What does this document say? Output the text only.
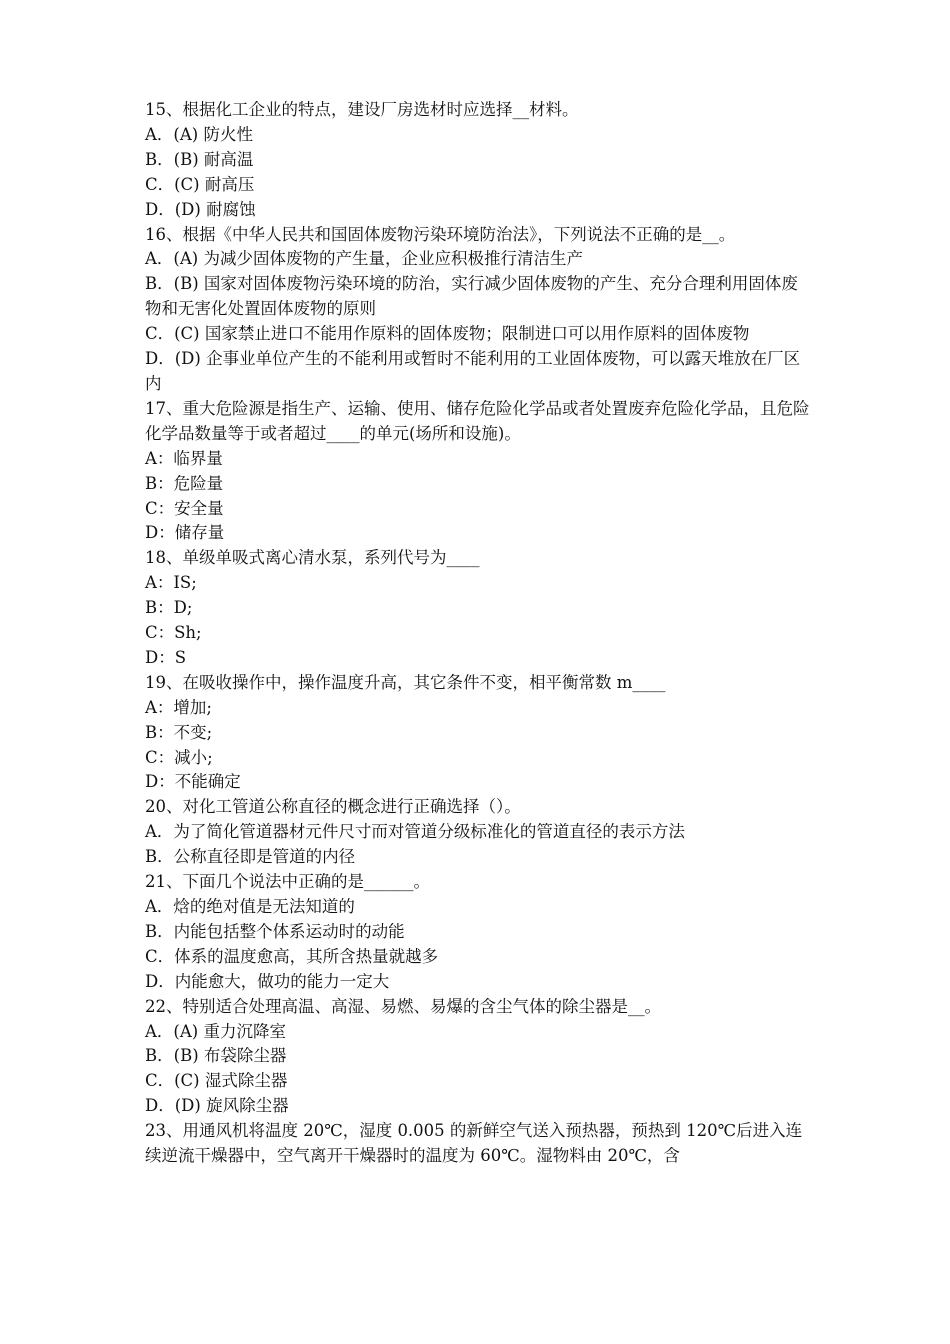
15、根据化工企业的特点，建设厂房选材时应选择__材料。
A．(A) 防火性
B．(B) 耐高温
C．(C) 耐高压
D．(D) 耐腐蚀
16、根据《中华人民共和国固体废物污染环境防治法》，下列说法不正确的是__。
A．(A) 为减少固体废物的产生量，企业应积极推行清洁生产
B．(B) 国家对固体废物污染环境的防治，实行减少固体废物的产生、充分合理利用固体废物和无害化处置固体废物的原则
C．(C) 国家禁止进口不能用作原料的固体废物；限制进口可以用作原料的固体废物
D．(D) 企事业单位产生的不能利用或暂时不能利用的工业固体废物，可以露天堆放在厂区内
17、重大危险源是指生产、运输、使用、储存危险化学品或者处置废弃危险化学品，且危险化学品数量等于或者超过____的单元(场所和设施)。
A：临界量
B：危险量
C：安全量
D：储存量
18、单级单吸式离心清水泵，系列代号为____
A：IS;
B：D;
C：Sh;
D：S
19、在吸收操作中，操作温度升高，其它条件不变，相平衡常数 m____
A：增加;
B：不变;
C：减小;
D：不能确定
20、对化工管道公称直径的概念进行正确选择（）。
A．为了简化管道器材元件尺寸而对管道分级标准化的管道直径的表示方法
B．公称直径即是管道的内径
21、下面几个说法中正确的是______。
A．焓的绝对值是无法知道的
B．内能包括整个体系运动时的动能
C．体系的温度愈高，其所含热量就越多
D．内能愈大，做功的能力一定大
22、特别适合处理高温、高湿、易燃、易爆的含尘气体的除尘器是__。
A．(A) 重力沉降室
B．(B) 布袋除尘器
C．(C) 湿式除尘器
D．(D) 旋风除尘器
23、用通风机将温度 20℃，湿度 0.005 的新鲜空气送入预热器，预热到 120℃后进入连续逆流干燥器中，空气离开干燥器时的温度为 60℃。湿物料由 20℃，含
